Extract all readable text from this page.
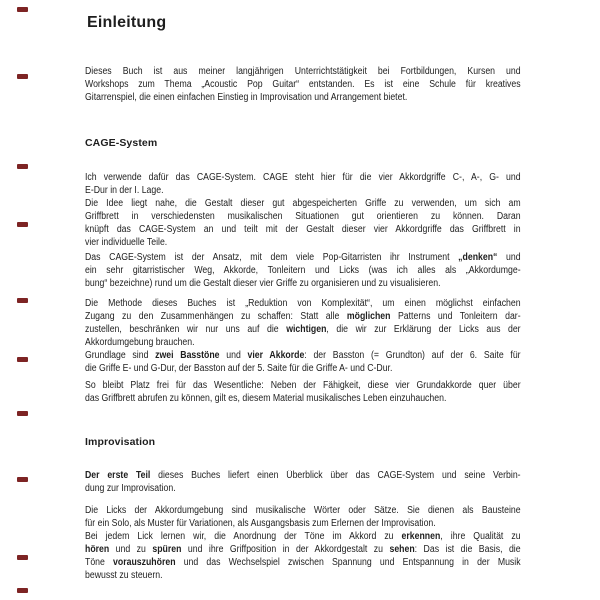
Einleitung
Dieses Buch ist aus meiner langjährigen Unterrichtstätigkeit bei Fortbildungen, Kursen und
Workshops zum Thema „Acoustic Pop Guitar“ entstanden. Es ist eine Schule für kreatives
Gitarrenspiel, die einen einfachen Einstieg in Improvisation und Arrangement bietet.
CAGE-System
Ich verwende dafür das CAGE-System. CAGE steht hier für die vier Akkordgriffe C-, A-, G- und
E-Dur in der I. Lage.
Die Idee liegt nahe, die Gestalt dieser gut abgespeicherten Griffe zu verwenden, um sich am
Griffbrett in verschiedensten musikalischen Situationen gut orientieren zu können. Daran
knüpft das CAGE-System an und teilt mit der Gestalt dieser vier Akkordgriffe das Griffbrett in
vier individuelle Teile.
Das CAGE-System ist der Ansatz, mit dem viele Pop-Gitarristen ihr Instrument „denken“ und
ein sehr gitarristischer Weg, Akkorde, Tonleitern und Licks (was ich alles als „Akkordumge-
bung“ bezeichne) rund um die Gestalt dieser vier Griffe zu organisieren und zu visualisieren.
Die Methode dieses Buches ist „Reduktion von Komplexität“, um einen möglichst einfachen
Zugang zu den Zusammenhängen zu schaffen: Statt alle möglichen Patterns und Tonleitern dar-
zustellen, beschränken wir nur uns auf die wichtigen, die wir zur Erklärung der Licks aus der
Akkordumgebung brauchen.
Grundlage sind zwei Basstöne und vier Akkorde: der Basston (= Grundton) auf der 6. Saite für
die Griffe E- und G-Dur, der Basston auf der 5. Saite für die Griffe A- und C-Dur.
So bleibt Platz frei für das Wesentliche: Neben der Fähigkeit, diese vier Grundakkorde quer über
das Griffbrett abrufen zu können, gilt es, diesem Material musikalisches Leben einzuhauchen.
Improvisation
Der erste Teil dieses Buches liefert einen Überblick über das CAGE-System und seine Verbin-
dung zur Improvisation.
Die Licks der Akkordumgebung sind musikalische Wörter oder Sätze. Sie dienen als Bausteine
für ein Solo, als Muster für Variationen, als Ausgangsbasis zum Erlernen der Improvisation.
Bei jedem Lick lernen wir, die Anordnung der Töne im Akkord zu erkennen, ihre Qualität zu
hören und zu spüren und ihre Griffposition in der Akkordgestalt zu sehen: Das ist die Basis, die
Töne vorauszuhören und das Wechselspiel zwischen Spannung und Entspannung in der Musik
bewusst zu steuern.
